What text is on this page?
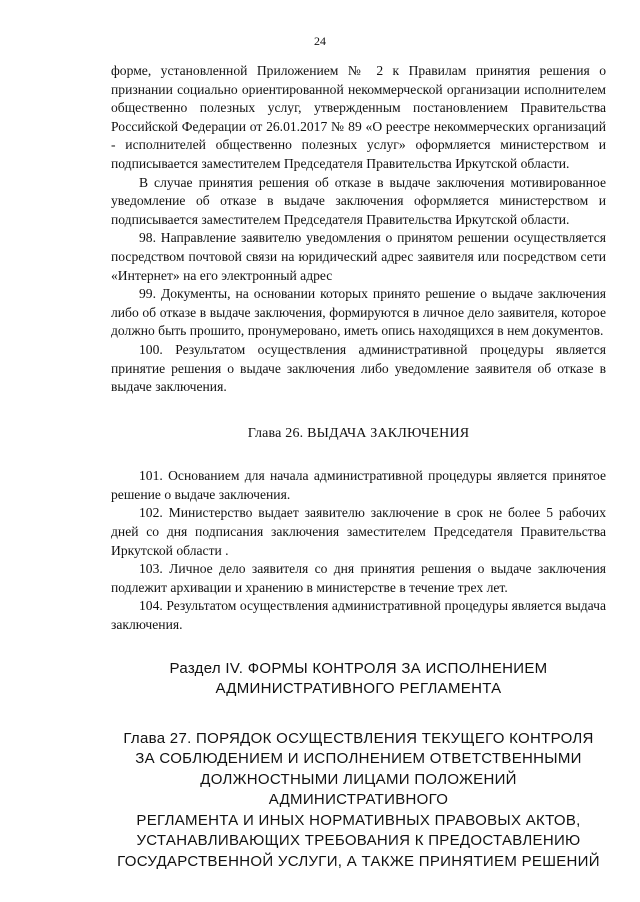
24

форме, установленной Приложением № 2 к Правилам принятия решения о признании социально ориентированной некоммерческой организации исполнителем общественно полезных услуг, утвержденным постановлением Правительства Российской Федерации от 26.01.2017 № 89 «О реестре некоммерческих организаций - исполнителей общественно полезных услуг» оформляется министерством и подписывается заместителем Председателя Правительства Иркутской области.

В случае принятия решения об отказе в выдаче заключения мотивированное уведомление об отказе в выдаче заключения оформляется министерством и подписывается заместителем Председателя Правительства Иркутской области.

98. Направление заявителю уведомления о принятом решении осуществляется посредством почтовой связи на юридический адрес заявителя или посредством сети «Интернет» на его электронный адрес

99. Документы, на основании которых принято решение о выдаче заключения либо об отказе в выдаче заключения, формируются в личное дело заявителя, которое должно быть прошито, пронумеровано, иметь опись находящихся в нем документов.

100. Результатом осуществления административной процедуры является принятие решения о выдаче заключения либо уведомление заявителя об отказе в выдаче заключения.

Глава 26. ВЫДАЧА ЗАКЛЮЧЕНИЯ

101. Основанием для начала административной процедуры является принятое решение о выдаче заключения.

102. Министерство выдает заявителю заключение в срок не более 5 рабочих дней со дня подписания заключения заместителем Председателя Правительства Иркутской области .

103. Личное дело заявителя со дня принятия решения о выдаче заключения подлежит архивации и хранению в министерстве в течение трех лет.

104. Результатом осуществления административной процедуры является выдача заключения.

Раздел IV. ФОРМЫ КОНТРОЛЯ ЗА ИСПОЛНЕНИЕМ
АДМИНИСТРАТИВНОГО РЕГЛАМЕНТА
Глава 27. ПОРЯДОК ОСУЩЕСТВЛЕНИЯ ТЕКУЩЕГО КОНТРОЛЯ
ЗА СОБЛЮДЕНИЕМ И ИСПОЛНЕНИЕМ ОТВЕТСТВЕННЫМИ
ДОЛЖНОСТНЫМИ ЛИЦАМИ ПОЛОЖЕНИЙ АДМИНИСТРАТИВНОГО
РЕГЛАМЕНТА И ИНЫХ НОРМАТИВНЫХ ПРАВОВЫХ АКТОВ,
УСТАНАВЛИВАЮЩИХ ТРЕБОВАНИЯ К ПРЕДОСТАВЛЕНИЮ
ГОСУДАРСТВЕННОЙ УСЛУГИ, А ТАКЖЕ ПРИНЯТИЕМ РЕШЕНИЙ
